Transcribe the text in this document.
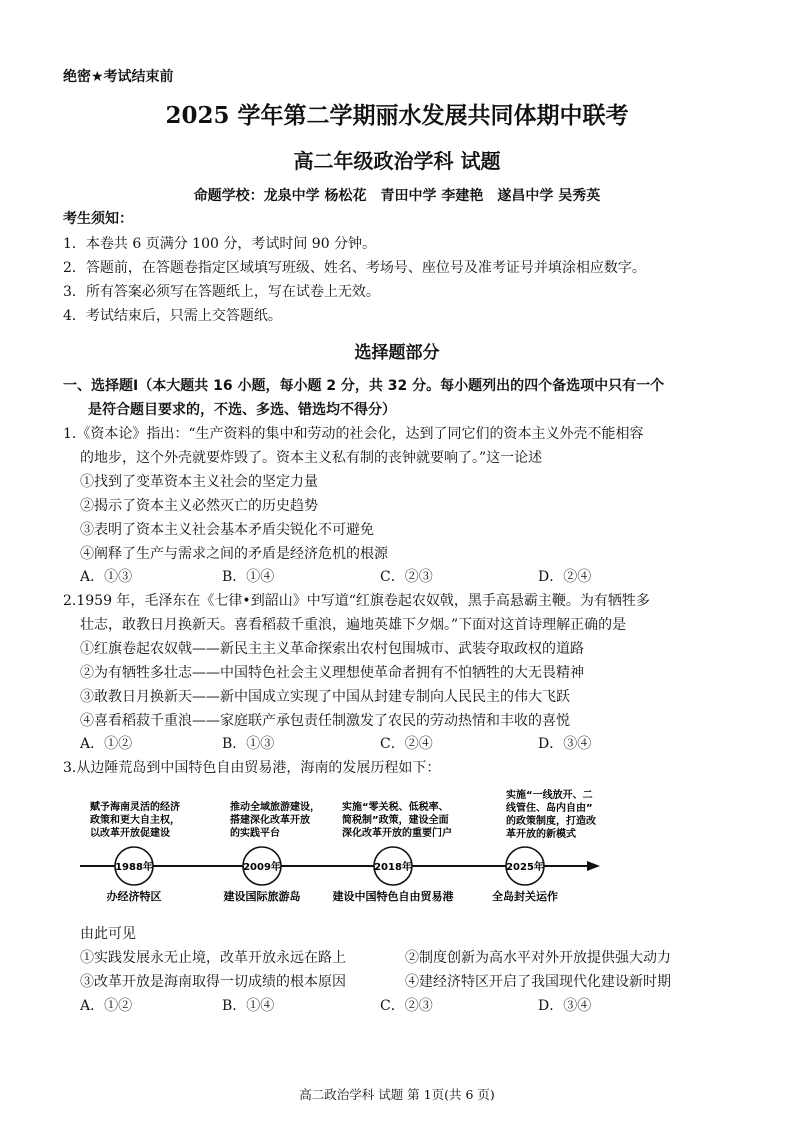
绝密★考试结束前
2025 学年第二学期丽水发展共同体期中联考
高二年级政治学科 试题
命题学校：龙泉中学 杨松花　青田中学 李建艳　遂昌中学 吴秀英
考生须知：
1．本卷共 6 页满分 100 分，考试时间 90 分钟。
2．答题前，在答题卷指定区域填写班级、姓名、考场号、座位号及准考证号并填涂相应数字。
3．所有答案必须写在答题纸上，写在试卷上无效。
4．考试结束后，只需上交答题纸。
选择题部分
一、选择题Ⅰ（本大题共 16 小题，每小题 2 分，共 32 分。每小题列出的四个备选项中只有一个
是符合题目要求的，不选、多选、错选均不得分）
1.《资本论》指出：“生产资料的集中和劳动的社会化，达到了同它们的资本主义外壳不能相容
的地步，这个外壳就要炸毁了。资本主义私有制的丧钟就要响了。”这一论述
①找到了变革资本主义社会的坚定力量
②揭示了资本主义必然灭亡的历史趋势
③表明了资本主义社会基本矛盾尖锐化不可避免
④阐释了生产与需求之间的矛盾是经济危机的根源
A．①③	B．①④	C．②③	D．②④
2.1959 年，毛泽东在《七律•到韶山》中写道“红旗卷起农奴戟，黑手高悬霸主鞭。为有牺牲多
壮志，敢教日月换新天。喜看稻菽千重浪，遍地英雄下夕烟。”下面对这首诗理解正确的是
①红旗卷起农奴戟——新民主主义革命探索出农村包围城市、武装夺取政权的道路
②为有牺牲多壮志——中国特色社会主义理想使革命者拥有不怕牺牲的大无畏精神
③敢教日月换新天——新中国成立实现了中国从封建专制向人民民主的伟大飞跃
④喜看稻菽千重浪——家庭联产承包责任制激发了农民的劳动热情和丰收的喜悦
A．①②	B．①③	C．②④	D．③④
3.从边陲荒岛到中国特色自由贸易港，海南的发展历程如下：
1988年
办经济特区
赋予海南灵活的经济
政策和更大自主权，
以改革开放促建设
2009年
建设国际旅游岛
推动全域旅游建设，
搭建深化改革开放
的实践平台
2018年
建设中国特色自由贸易港
实施“零关税、低税率、
简税制”政策，建设全面
深化改革开放的重要门户
2025年
全岛封关运作
实施“一线放开、二
线管住、岛内自由”
的政策制度，打造改
革开放的新模式
由此可见
①实践发展永无止境，改革开放永远在路上	②制度创新为高水平对外开放提供强大动力
③改革开放是海南取得一切成绩的根本原因	④建经济特区开启了我国现代化建设新时期
A．①②	B．①④	C．②③	D．③④
高二政治学科 试题 第 1页(共 6 页)
